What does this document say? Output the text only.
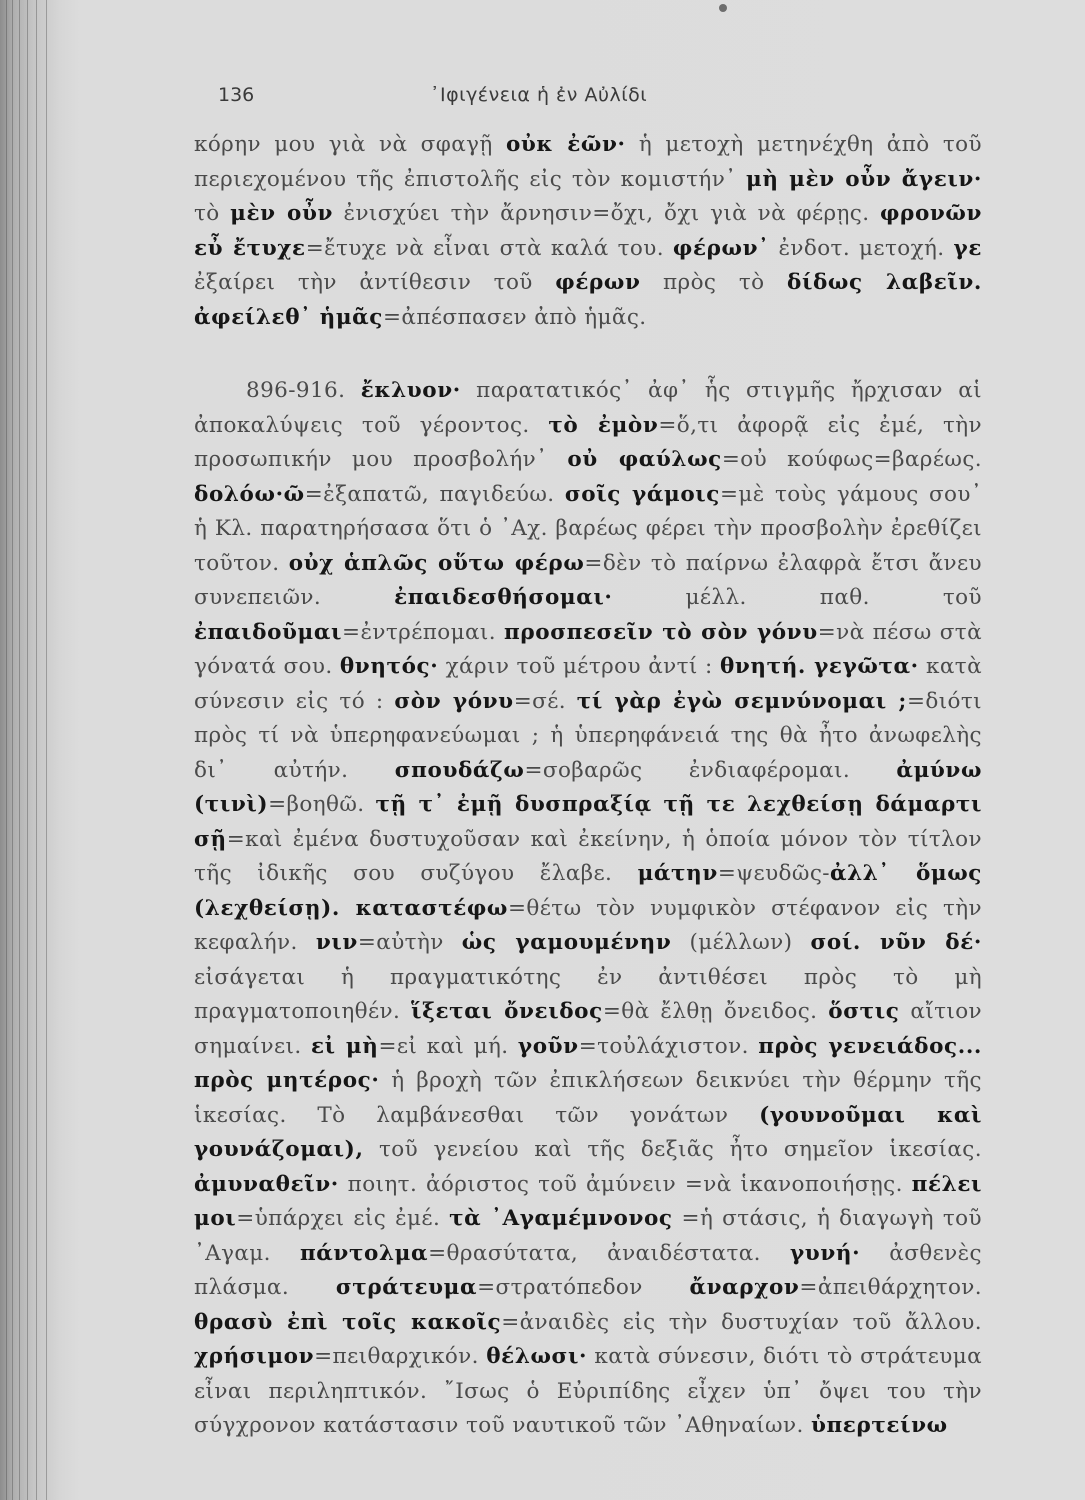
136	᾿Ιφιγένεια ἡ ἐν Αὐλίδι
κόρην μου γιὰ νὰ σφαγῇ οὐκ ἐῶν· ἡ μετοχὴ μετηνέχθη ἀπὸ τοῦ περιεχομένου τῆς ἐπιστολῆς εἰς τὸν κομιστήν᾿ μὴ μὲν οὖν ἄγειν· τὸ μὲν οὖν ἐνισχύει τὴν ἄρνησιν=ὄχι, ὄχι γιὰ νὰ φέρῃς. φρονῶν εὖ ἔτυχε=ἔτυχε νὰ εἶναι στὰ καλά του. φέρων᾿ ἐνδοτ. μετοχή. γε ἐξαίρει τὴν ἀντίθεσιν τοῦ φέρων πρὸς τὸ δίδως λαβεῖν. ἀφείλεθ᾿ ἡμᾶς=ἀπέσπασεν ἀπὸ ἡμᾶς.
896-916. ἔκλυον· παρατατικός᾿ ἀφ᾿ ἧς στιγμῆς ἤρχισαν αἱ ἀποκαλύψεις τοῦ γέροντος. τὸ ἐμὸν=ὅ,τι ἀφορᾷ εἰς ἐμέ, τὴν προσωπικήν μου προσβολήν᾿ οὐ φαύλως=οὐ κούφως=βαρέως. δολόω·ῶ=ἐξαπατῶ, παγιδεύω. σοῖς γάμοις=μὲ τοὺς γάμους σου᾿ ἡ Κλ. παρατηρήσασα ὅτι ὁ ᾿Αχ. βαρέως φέρει τὴν προσβολὴν ἐρεθίζει τοῦτον. οὐχ ἁπλῶς οὕτω φέρω=δὲν τὸ παίρνω ἐλαφρὰ ἔτσι ἄνευ συνεπειῶν. ἐπαιδεσθήσομαι· μέλλ. παθ. τοῦ ἐπαιδοῦμαι=ἐντρέπομαι. προσπεσεῖν τὸ σὸν γόνυ=νὰ πέσω στὰ γόνατά σου. θνητός· χάριν τοῦ μέτρου ἀντί : θνητή. γεγῶτα· κατὰ σύνεσιν εἰς τό : σὸν γόνυ=σέ. τί γὰρ ἐγὼ σεμνύνομαι ;=διότι πρὸς τί νὰ ὑπερηφανεύωμαι ; ἡ ὑπερηφάνειά της θὰ ἦτο ἀνωφελὴς δι᾿ αὐτήν. σπουδάζω=σοβαρῶς ἐνδιαφέρομαι. ἀμύνω (τινὶ)=βοηθῶ. τῇ τ᾿ ἐμῇ δυσπραξίᾳ τῇ τε λεχθείσῃ δάμαρτι σῇ=καὶ ἐμένα δυστυχοῦσαν καὶ ἐκείνην, ἡ ὁποία μόνον τὸν τίτλον τῆς ἰδικῆς σου συζύγου ἔλαβε. μάτην=ψευδῶς-ἀλλ᾿ ὅμως (λεχθείσῃ). καταστέφω=θέτω τὸν νυμφικὸν στέφανον εἰς τὴν κεφαλήν. νιν=αὐτὴν ὡς γαμουμένην (μέλλων) σοί. νῦν δέ· εἰσάγεται ἡ πραγματικότης ἐν ἀντιθέσει πρὸς τὸ μὴ πραγματοποιηθέν. ἵξεται ὄνειδος=θὰ ἔλθῃ ὄνειδος. ὅστις αἴτιον σημαίνει. εἰ μὴ=εἰ καὶ μή. γοῦν=τοὐλάχιστον. πρὸς γενειάδος... πρὸς μητέρος· ἡ βροχὴ τῶν ἐπικλήσεων δεικνύει τὴν θέρμην τῆς ἱκεσίας. Τὸ λαμβάνεσθαι τῶν γονάτων (γουνοῦμαι καὶ γουνάζομαι), τοῦ γενείου καὶ τῆς δεξιᾶς ἦτο σημεῖον ἱκεσίας. ἀμυναθεῖν· ποιητ. ἀόριστος τοῦ ἀμύνειν =νὰ ἱκανοποιήσῃς. πέλει μοι=ὑπάρχει εἰς ἐμέ. τὰ ᾿Αγαμέμνονος =ἡ στάσις, ἡ διαγωγὴ τοῦ ᾿Αγαμ. πάντολμα=θρασύτατα, ἀναιδέστατα. γυνή· ἀσθενὲς πλάσμα. στράτευμα=στρατόπεδον ἄναρχον=ἀπειθάρχητον. θρασὺ ἐπὶ τοῖς κακοῖς=ἀναιδὲς εἰς τὴν δυστυχίαν τοῦ ἄλλου. χρήσιμον=πειθαρχικόν. θέλωσι· κατὰ σύνεσιν, διότι τὸ στράτευμα εἶναι περιληπτικόν. ῎Ισως ὁ Εὐριπίδης εἶχεν ὑπ᾿ ὄψει του τὴν σύγχρονον κατάστασιν τοῦ ναυτικοῦ τῶν ᾿Αθηναίων. ὑπερτείνω
